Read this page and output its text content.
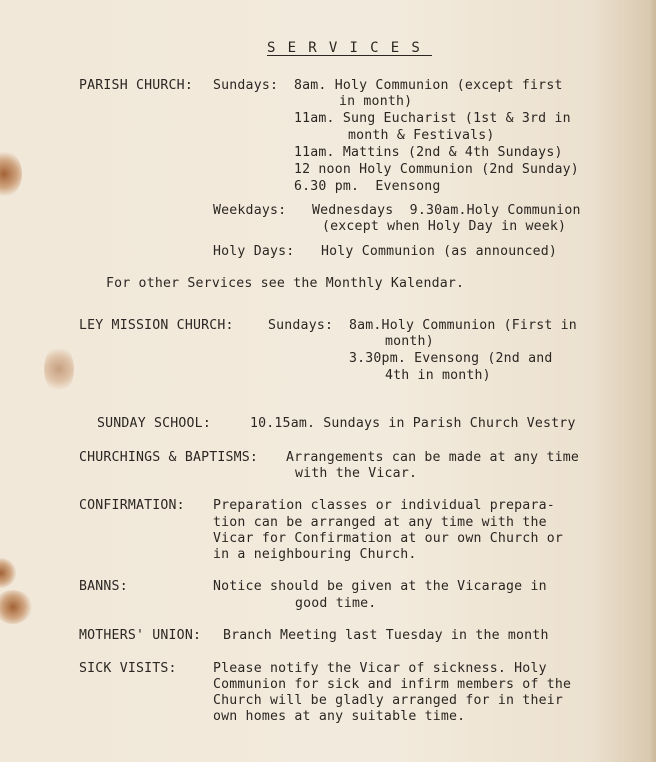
SERVICES
PARISH CHURCH: Sundays: 8am. Holy Communion (except first
in month)
11am. Sung Eucharist (1st & 3rd in
month & Festivals)
11am. Mattins (2nd & 4th Sundays)
12 noon Holy Communion (2nd Sunday)
6.30 pm.  Evensong
Weekdays: Wednesdays  9.30am.Holy Communion
(except when Holy Day in week)
Holy Days: Holy Communion (as announced)
For other Services see the Monthly Kalendar.
LEY MISSION CHURCH:	Sundays: 8am.Holy Communion (First in
month)
3.30pm. Evensong (2nd and
4th in month)
SUNDAY SCHOOL:	10.15am. Sundays in Parish Church Vestry
CHURCHINGS & BAPTISMS: Arrangements can be made at any time
with the Vicar.
CONFIRMATION: Preparation classes or individual prepara-
tion can be arranged at any time with the
Vicar for Confirmation at our own Church or
in a neighbouring Church.
BANNS:	Notice should be given at the Vicarage in
good time.
MOTHERS' UNION: Branch Meeting last Tuesday in the month
SICK VISITS:	Please notify the Vicar of sickness. Holy
Communion for sick and infirm members of the
Church will be gladly arranged for in their
own homes at any suitable time.
